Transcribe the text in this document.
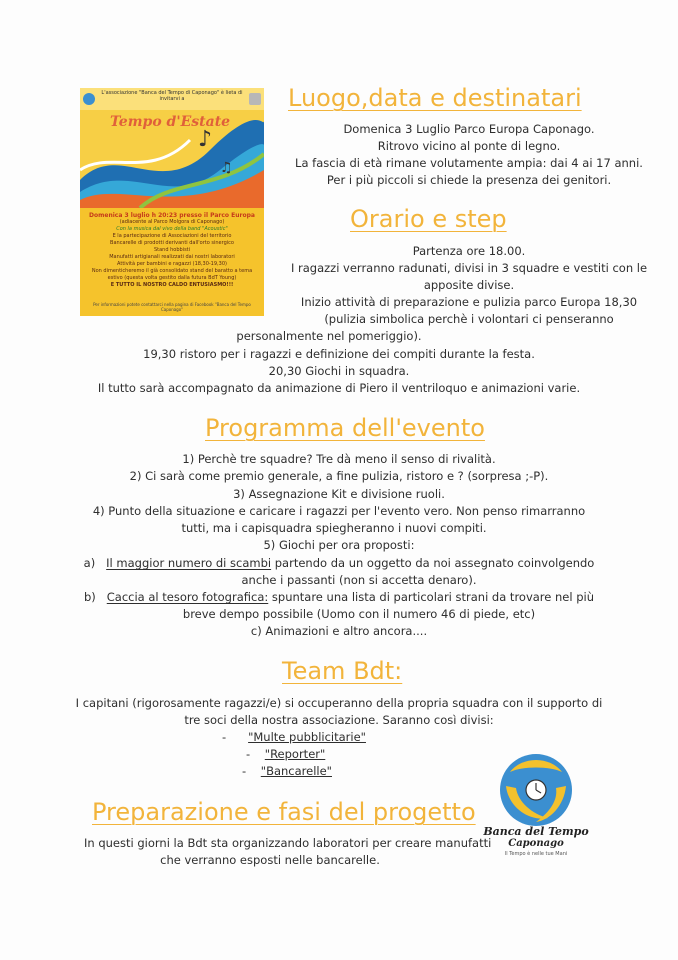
L'associazione "Banca del Tempo di Caponago" è lieta di invitarvi a
♪
♫
Tempo d'Estate
Domenica 3 luglio h 20:23 presso il Parco Europa
(adiacente al Parco Molgora di Caponago)
Con la musica dal vivo della band "Acoustic"
E la partecipazione di Associazioni del territorio
Bancarelle di prodotti derivanti dall'orto sinergico
Stand hobbisti
Manufatti artigianali realizzati dai nostri laboratori
Attività per bambini e ragazzi (18,30-19,30)
Non dimenticheremo il già consolidato stand del baratto a tema estivo (questa volta gestito dalla futura BdT Young)
E TUTTO IL NOSTRO CALDO ENTUSIASMO!!!
Per informazioni potete contattarci nella pagina di Facebook "Banca del Tempo Caponago"
Luogo,data e destinatari
Domenica 3 Luglio Parco Europa Caponago.
Ritrovo vicino al ponte di legno.
La fascia di età rimane volutamente ampia: dai 4 ai 17 anni.
Per i più piccoli si chiede la presenza dei genitori.
Orario e step
Partenza ore 18.00.
I ragazzi verranno radunati, divisi in 3 squadre e vestiti con le
apposite divise.
Inizio attività di preparazione e pulizia parco Europa 18,30
(pulizia simbolica perchè i volontari ci penseranno
personalmente nel pomeriggio).
19,30 ristoro per i ragazzi e definizione dei compiti durante la festa.
20,30 Giochi in squadra.
Il tutto sarà accompagnato da animazione di Piero il ventriloquo e animazioni varie.
Programma dell'evento
1) Perchè tre squadre? Tre dà meno il senso di rivalità.
2) Ci sarà come premio generale, a fine pulizia, ristoro e ? (sorpresa ;-P).
3) Assegnazione Kit e divisione ruoli.
4) Punto della situazione e caricare i ragazzi per l'evento vero. Non penso rimarranno
tutti, ma i capisquadra spiegheranno i nuovi compiti.
5) Giochi per ora proposti:
a) Il maggior numero di scambi partendo da un oggetto da noi assegnato coinvolgendo
anche i passanti (non si accetta denaro).
b) Caccia al tesoro fotografica: spuntare una lista di particolari strani da trovare nel più
breve dempo possibile (Uomo con il numero 46 di piede, etc)
c) Animazioni e altro ancora....
Team Bdt:
I capitani (rigorosamente ragazzi/e) si occuperanno della propria squadra con il supporto di
tre soci della nostra associazione. Saranno così divisi:
- "Multe pubblicitarie"
- "Reporter"
- "Bancarelle"
Preparazione e fasi del progetto
In questi giorni la Bdt sta organizzando laboratori per creare manufatti
che verranno esposti nelle bancarelle.
Banca del Tempo
Caponago
Il Tempo è nelle tue Mani
